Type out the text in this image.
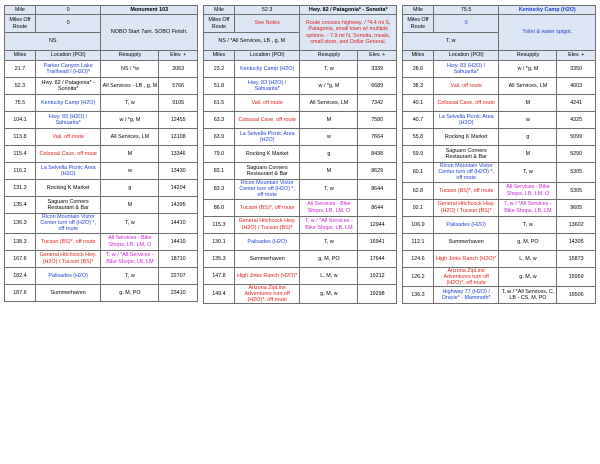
Mile	0	Monument 103	
Miles Off Route	0	NOBO Start 7am. SOBO Finish.	
NS			
Miles	Location (POI)	Resupply	Elev. +
21.7	Parker Canyon Lake Trailhead / (H2O)*	NS / *w	2063
52.3	Hwy. 82 / Patagonia* - Sonoita*	All Services - LB , g, M	5766
75.5	Kentucky Camp (H2O)	T, w	9105
104.1	Hwy. 83 (H2O) / Sahuarita*	w / *g, M	12455
113.8	Vail, off route	All Services, LM	13108
115.4	Colossal Cave, off route	M	13346
116.2	La Selvella Picnic Area (H2O)	w	13430
131.3	Rocking K Market	g	14204
135.4	Saguaro Corners Restaurant & Bar	M	14395
136.3	Ricon Mountain Vistor Center turn off (H2O) *, off route	T, w	14410
138.3	Tucson (BS)*, off route	All Services - Bike Shops, LB, LM, O	14410
167.6	General Hitchcock Hwy. (H2O) / Tucson (BS)*	T, w / *All Services - Bike Shops, LB, LM	18710
182.4	Palisades (H2O)	T, w	22707
187.6	Summerhaven	g, M, PO	23410
Mile	52.3	Hwy. 82 / Patagonia* - Sonoita*	
Miles Off Route	See Notes	Route crosses highway. / *4.4 mi S, Patagonia, small town w/ multiple options. - 7.9 mi N, Sonoita, meals, small store, and Dollar General.	
NS / *All Services, LB , g, M			
Miles	Location (POI)	Resupply	Elev. +
23.2	Kentucky Camp (H2O)	T, w	3339
51.8	Hwy. 83 (H2O) / Sahuarita*	w / *g, M	6689
61.5	Vail, off route	All Services, LM	7342
63.3	Colossal Cave, off route	M	7580
63.9	La Selvella Picnic Area (H2O)	w	7664
79.0	Rocking K Market	g	8438
83.1	Saguaro Corners Restaurant & Bar	M	8629
83.3	Ricon Mountain Vistor Center turn off (H2O) *, off route	T, w	8644
86.0	Tucson (BS)*, off route	All Services - Bike Shops, LB, LM, O	8644
115.3	General Hitchcock Hwy. (H2O) / Tucson (BS)*	T, w / *All Services - Bike Shops, LB, LM	12944
130.1	Palisades (H2O)	T, w	16941
135.3	Summerhaven	g, M, PO	17644
147.8	High Jinks Ranch (H2O)*	L, M, w	19212
149.4	Arizona ZipLine Adventures turn off (H2O)*, off route	g, M, w	19298
Mile	75.5	Kentucky Camp (H2O)	
Miles Off Route	0	Toilet & water spigot.	
T, w			
Miles	Location (POI)	Resupply	Elev. +
28.6	Hwy. 83 (H2O) / Sahuarita*	w / *g, M	3350
38.3	Vail, off route	All Services, LM	4003
40.1	Colossal Cave, off route	M	4241
40.7	La Selvella Picnic Area (H2O)	w	4325
55.8	Rocking K Market	g	5099
59.9	Saguaro Corners Restaurant & Bar	M	5290
60.1	Ricon Mountain Vistor Center turn off (H2O) *, off route	T, w	5305
62.8	Tucson (BS)*, off route	All Services - Bike Shops, LB, LM, O	5305
92.1	General Hitchcock Hwy. (H2O) / Tucson (BS)*	T, w / *All Services - Bike Shops, LB, LM	9605
106.9	Palisades (H2O)	T, w	13602
112.1	Summerhaven	g, M, PO	14305
124.6	High Jinks Ranch (H2O)*	L, M, w	15873
126.2	Arizona ZipLine Adventures turn off (H2O)*, off route	g, M, w	15959
136.3	Highway 77 (H2O) / Oracle* - Mammoth*	T, w / *All Services, C, LB - CS, M, PO	16506
